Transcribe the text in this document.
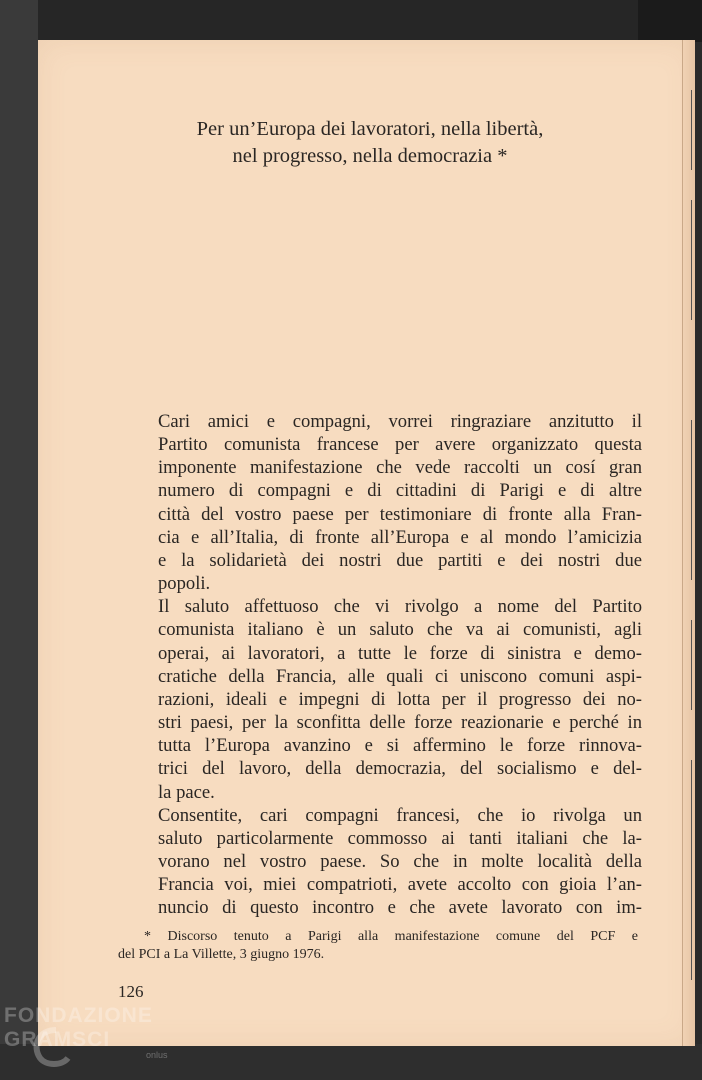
Per un’Europa dei lavoratori, nella libertà,
nel progresso, nella democrazia *

Cari amici e compagni, vorrei ringraziare anzitutto il
Partito comunista francese per avere organizzato questa
imponente manifestazione che vede raccolti un cosí gran
numero di compagni e di cittadini di Parigi e di altre
città del vostro paese per testimoniare di fronte alla Fran-
cia e all’Italia, di fronte all’Europa e al mondo l’amicizia
e la solidarietà dei nostri due partiti e dei nostri due
popoli.

Il saluto affettuoso che vi rivolgo a nome del Partito
comunista italiano è un saluto che va ai comunisti, agli
operai, ai lavoratori, a tutte le forze di sinistra e demo-
cratiche della Francia, alle quali ci uniscono comuni aspi-
razioni, ideali e impegni di lotta per il progresso dei no-
stri paesi, per la sconfitta delle forze reazionarie e perché in
tutta l’Europa avanzino e si affermino le forze rinnova-
trici del lavoro, della democrazia, del socialismo e del-
la pace.

Consentite, cari compagni francesi, che io rivolga un
saluto particolarmente commosso ai tanti italiani che la-
vorano nel vostro paese. So che in molte località della
Francia voi, miei compatrioti, avete accolto con gioia l’an-
nuncio di questo incontro e che avete lavorato con im-

* Discorso tenuto a Parigi alla manifestazione comune del PCF e
del PCI a La Villette, 3 giugno 1976.
126
FONDAZIONE GRAMSCI
onlus
